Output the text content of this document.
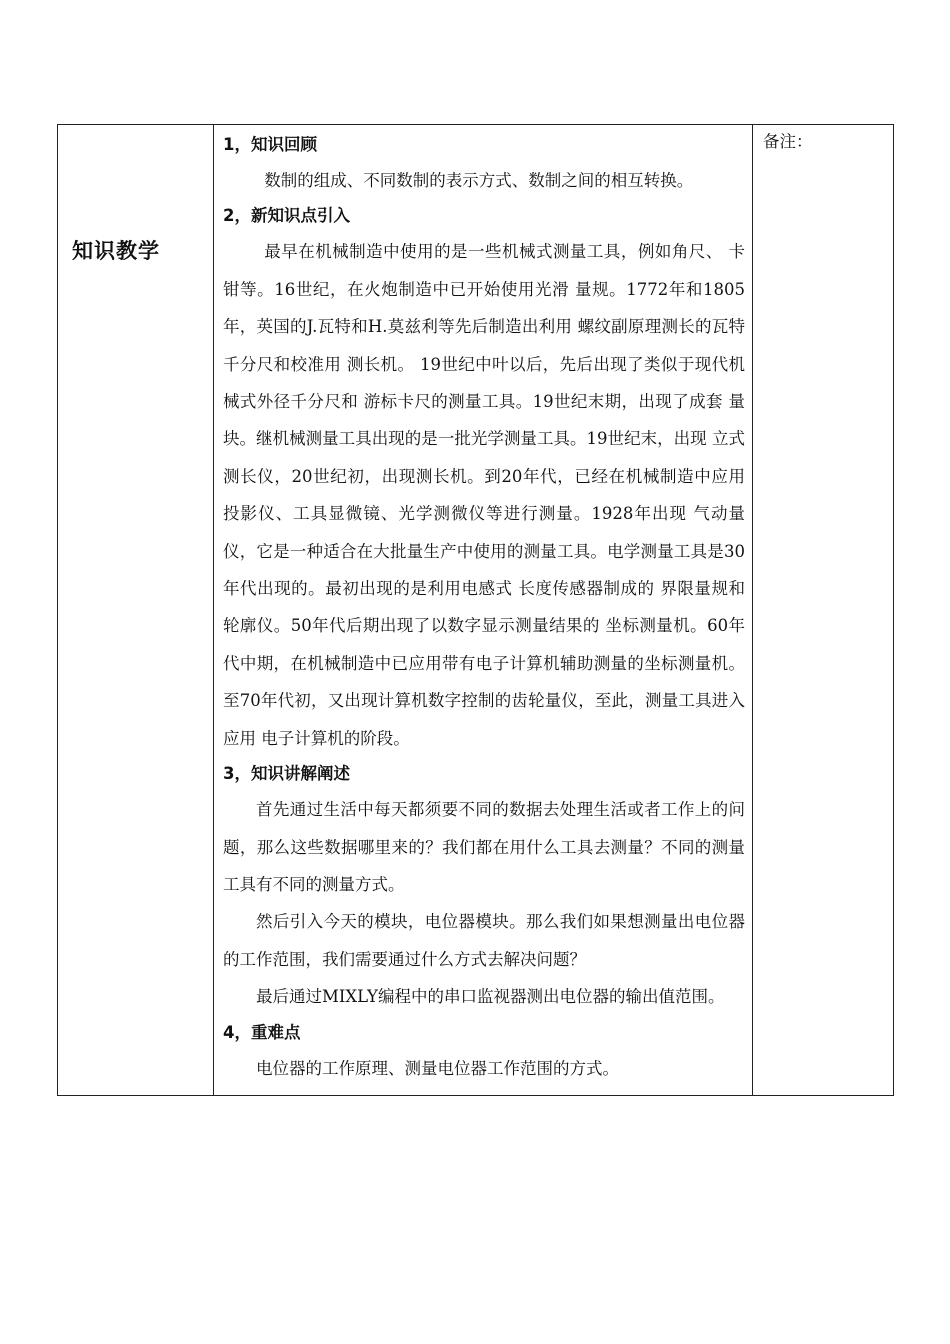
知识教学

1，知识回顾

数制的组成、不同数制的表示方式、数制之间的相互转换。

2，新知识点引入

最早在机械制造中使用的是一些机械式测量工具，例如角尺、 卡钳等。16世纪，在火炮制造中已开始使用光滑 量规。1772年和1805年，英国的J.瓦特和H.莫兹利等先后制造出利用 螺纹副原理测长的瓦特 千分尺和校准用 测长机。 19世纪中叶以后，先后出现了类似于现代机械式外径千分尺和 游标卡尺的测量工具。19世纪末期，出现了成套 量块。继机械测量工具出现的是一批光学测量工具。19世纪末，出现 立式测长仪，20世纪初，出现测长机。到20年代，已经在机械制造中应用 投影仪、工具显微镜、光学测微仪等进行测量。1928年出现 气动量仪，它是一种适合在大批量生产中使用的测量工具。电学测量工具是30年代出现的。最初出现的是利用电感式 长度传感器制成的 界限量规和 轮廓仪。50年代后期出现了以数字显示测量结果的 坐标测量机。60年代中期，在机械制造中已应用带有电子计算机辅助测量的坐标测量机。至70年代初，又出现计算机数字控制的齿轮量仪，至此，测量工具进入应用 电子计算机的阶段。

3，知识讲解阐述

首先通过生活中每天都须要不同的数据去处理生活或者工作上的问题，那么这些数据哪里来的？我们都在用什么工具去测量？不同的测量工具有不同的测量方式。

然后引入今天的模块，电位器模块。那么我们如果想测量出电位器的工作范围，我们需要通过什么方式去解决问题？

最后通过MIXLY编程中的串口监视器测出电位器的输出值范围。

4，重难点

电位器的工作原理、测量电位器工作范围的方式。

备注：
